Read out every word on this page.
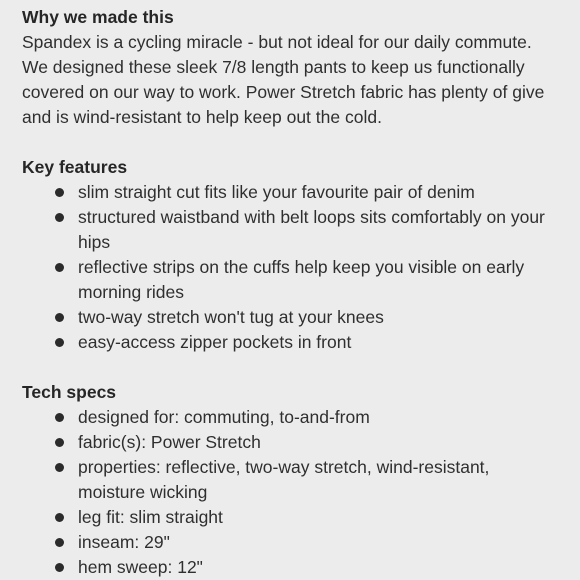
Why we made this

Spandex is a cycling miracle - but not ideal for our daily commute. We designed these sleek 7/8 length pants to keep us functionally covered on our way to work. Power Stretch fabric has plenty of give and is wind-resistant to help keep out the cold.

Key features
slim straight cut fits like your favourite pair of denim
structured waistband with belt loops sits comfortably on your hips
reflective strips on the cuffs help keep you visible on early morning rides
two-way stretch won't tug at your knees
easy-access zipper pockets in front
Tech specs
designed for: commuting, to-and-from
fabric(s): Power Stretch
properties: reflective, two-way stretch, wind-resistant, moisture wicking
leg fit: slim straight
inseam: 29"
hem sweep: 12"
